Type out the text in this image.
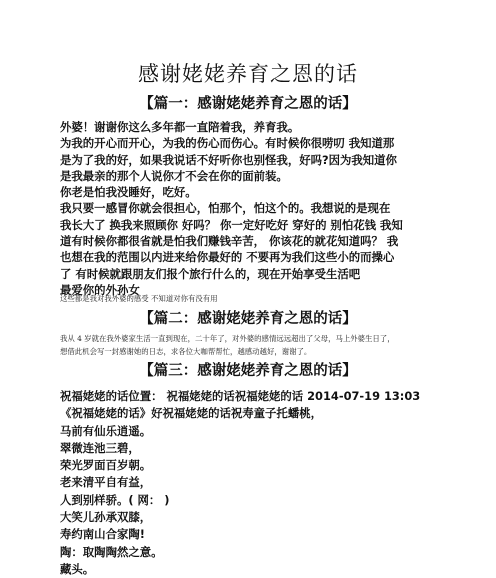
感谢姥姥养育之恩的话
【篇一：感谢姥姥养育之恩的话】

外婆！谢谢你这么多年都一直陪着我，养育我。

为我的开心而开心，为我的伤心而伤心。有时候你很唠叨 我知道那

是为了我的好，如果我说话不好听你也别怪我，好吗?因为我知道你

是我最亲的那个人说你才不会在你的面前装。

你老是怕我没睡好，吃好。

我只要一感冒你就会很担心，怕那个，怕这个的。我想说的是现在

我长大了 换我来照顾你 好吗？ 你一定好吃好 穿好的 别怕花钱 我知

道有时候你都很省就是怕我们赚钱辛苦， 你该花的就花知道吗？ 我

也想在我的范围以内进来给你最好的 不要再为我们这些小的而操心

了 有时候就跟朋友们报个旅行什么的，现在开始享受生活吧

最爱你的外孙女

这些都是我对我外婆的感受 不知道对你有没有用

【篇二：感谢姥姥养育之恩的话】
我从 4 岁就在我外婆家生活一直到现在，二十年了，对外婆的感情远远超出了父母，马上外婆生日了，
想借此机会写一封感谢她的日志，求各位大咖帮帮忙，越感动越好，谢谢了。
【篇三：感谢姥姥养育之恩的话】

祝福姥姥的话位置： 祝福姥姥的话祝福姥姥的话 2014-07-19 13:03

《祝福姥姥的话》好祝福姥姥的话祝寿童子托蟠桃，

马前有仙乐逍遥。

翠微连池三碧，

荣光罗面百岁朝。

老来清平自有益，

人到别样骄。( 网： )

大笑儿孙承双膝，

寿约南山合家陶!

陶：取陶陶然之意。

藏头。
